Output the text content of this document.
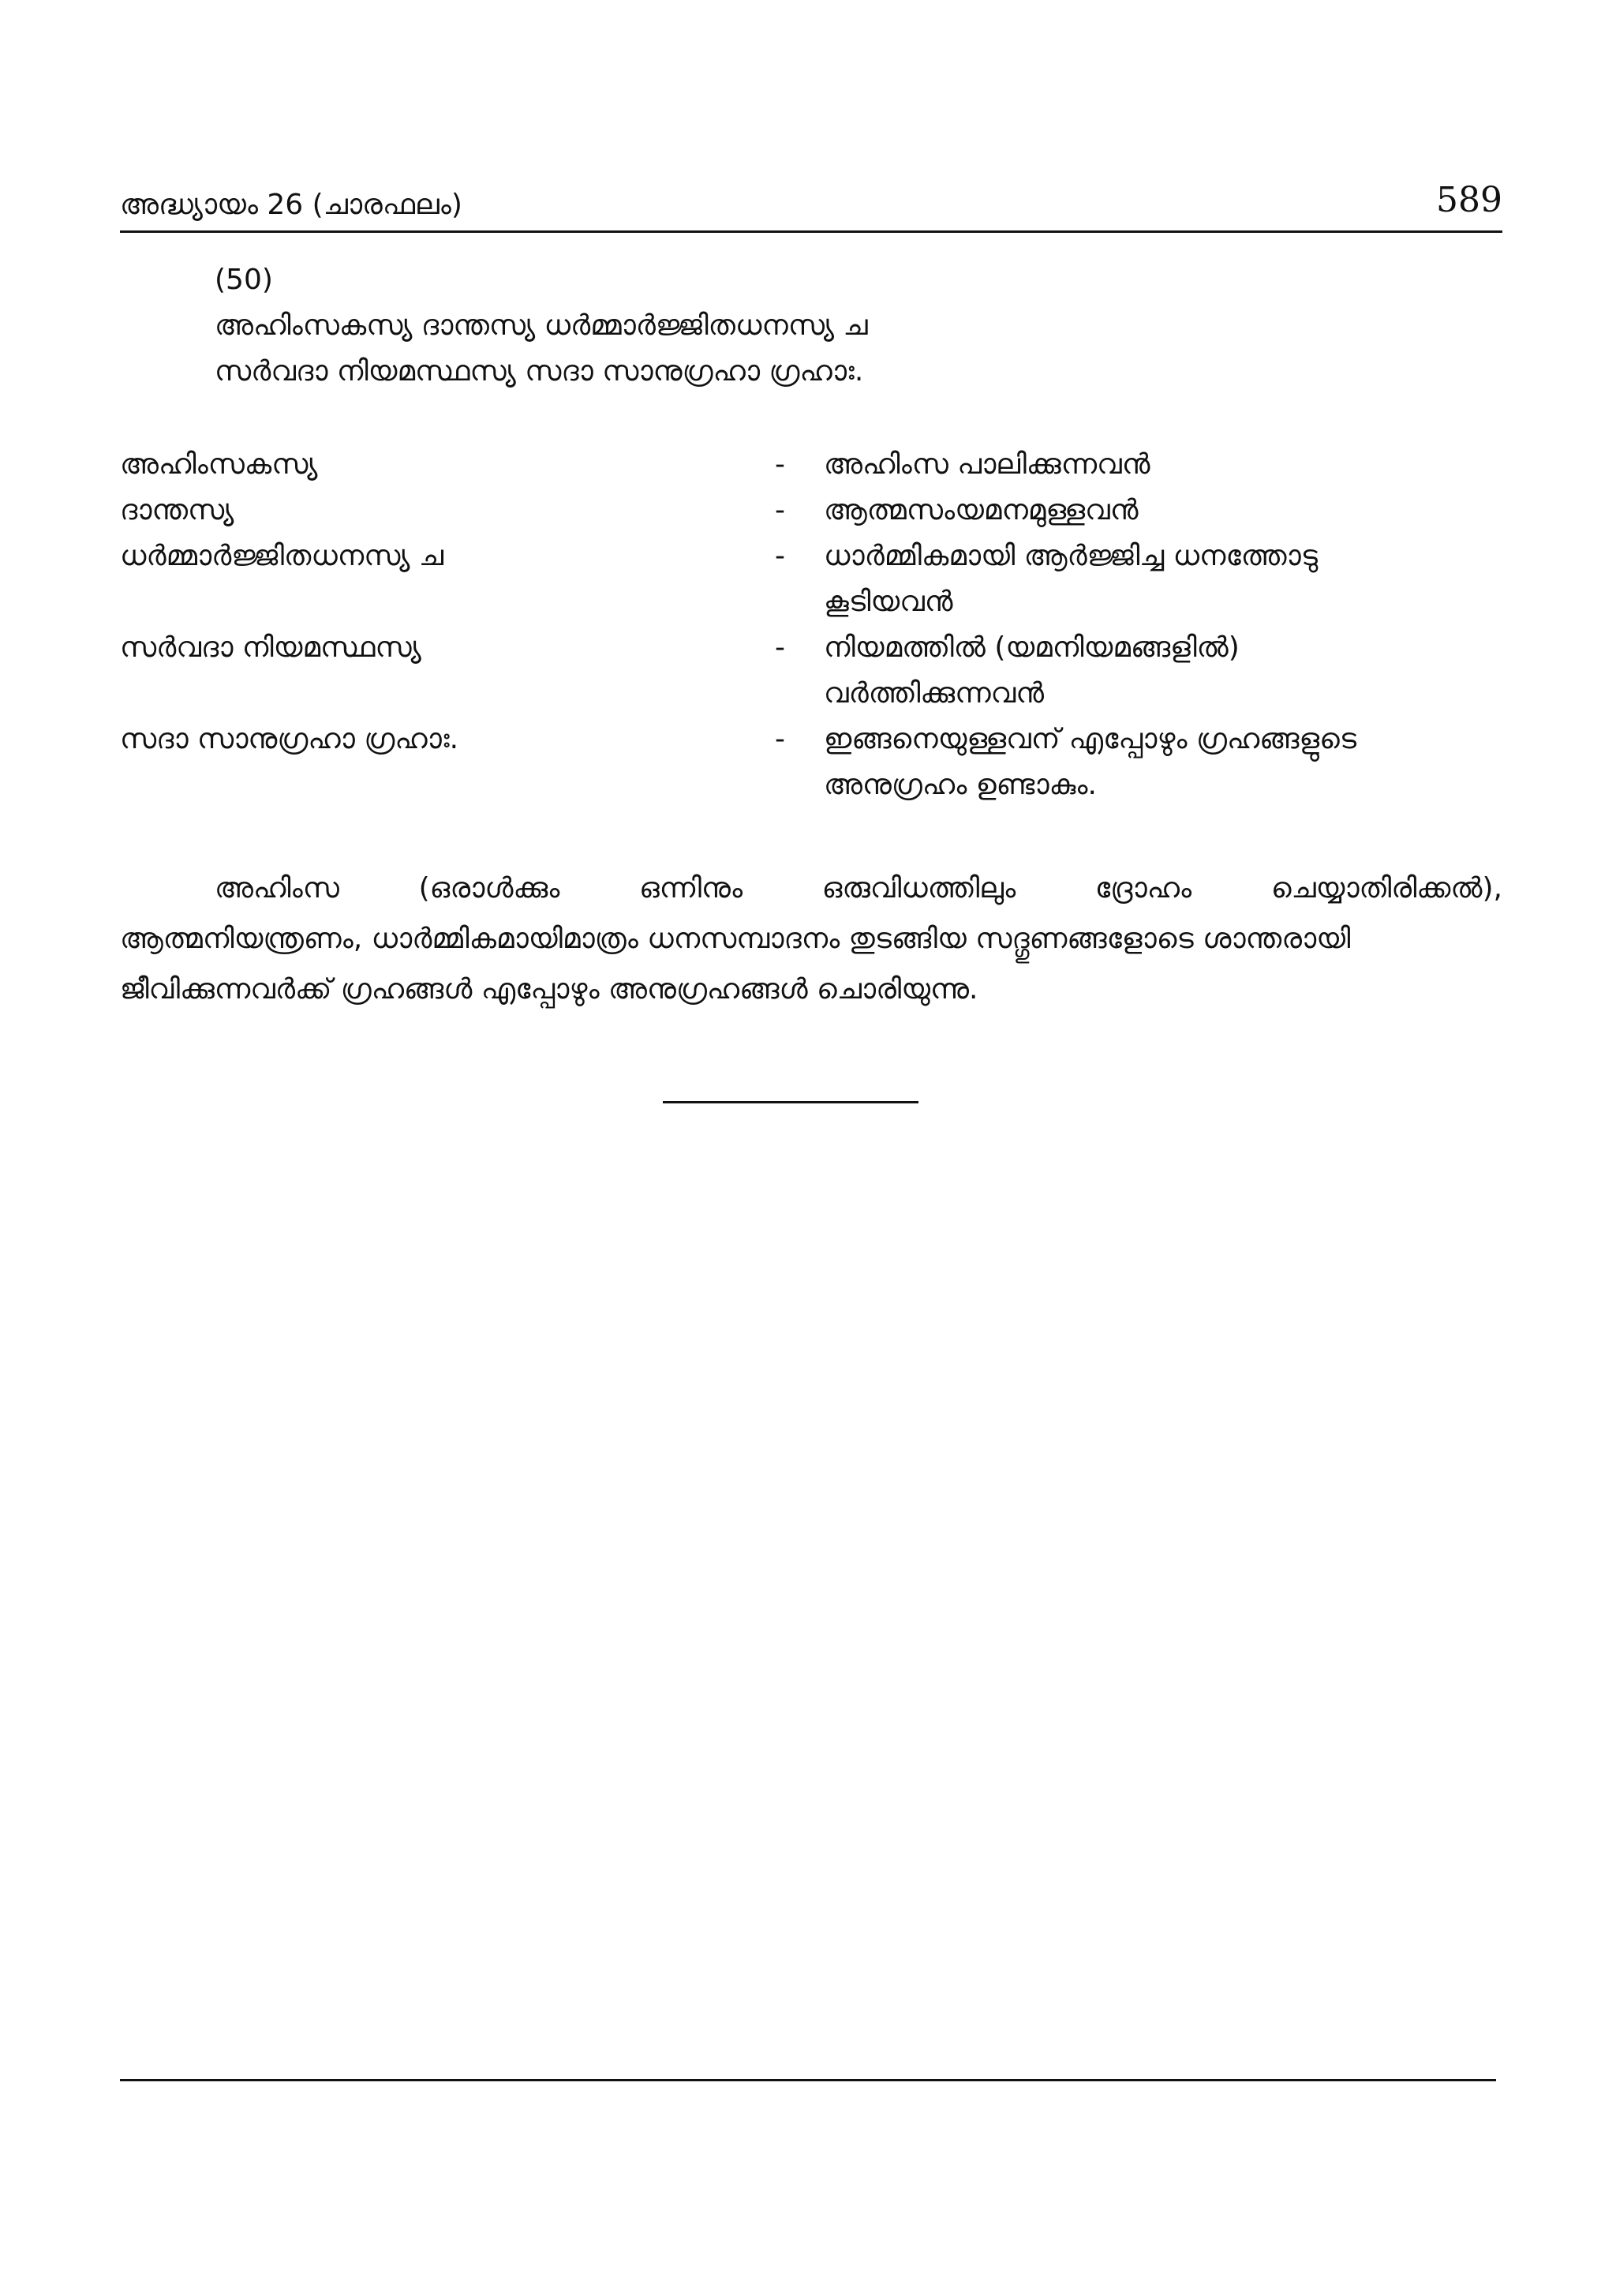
അദ്ധ്യായം 26 (ചാരഫലം)	589
(50)
അഹിംസകസ്യ ദാന്തസ്യ ധർമ്മാർജ്ജിതധനസ്യ ച
സർവദാ നിയമസ്ഥസ്യ സദാ സാനുഗ്രഹാ ഗ്രഹാഃ.
അഹിംസകസ്യ	- അഹിംസ പാലിക്കുന്നവൻ
ദാന്തസ്യ	- ആത്മസംയമനമുള്ളവൻ
ധർമ്മാർജ്ജിതധനസ്യ ച	- ധാർമ്മികമായി ആർജ്ജിച്ച ധനത്തോടു
കൂടിയവൻ
സർവദാ നിയമസ്ഥസ്യ	- നിയമത്തിൽ (യമനിയമങ്ങളിൽ)
വർത്തിക്കുന്നവൻ
സദാ സാനുഗ്രഹാ ഗ്രഹാഃ.	- ഇങ്ങനെയുള്ളവന് എപ്പോഴും ഗ്രഹങ്ങളുടെ
അനുഗ്രഹം ഉണ്ടാകും.
അഹിംസ (ഒരാൾക്കും ഒന്നിനും ഒരുവിധത്തിലും ദ്രോഹം ചെയ്യാതിരിക്കൽ),
ആത്മനിയന്ത്രണം, ധാർമ്മികമായിമാത്രം ധനസമ്പാദനം തുടങ്ങിയ സദ്ഗുണങ്ങളോടെ ശാന്തരായി
ജീവിക്കുന്നവർക്ക് ഗ്രഹങ്ങൾ എപ്പോഴും അനുഗ്രഹങ്ങൾ ചൊരിയുന്നു.
